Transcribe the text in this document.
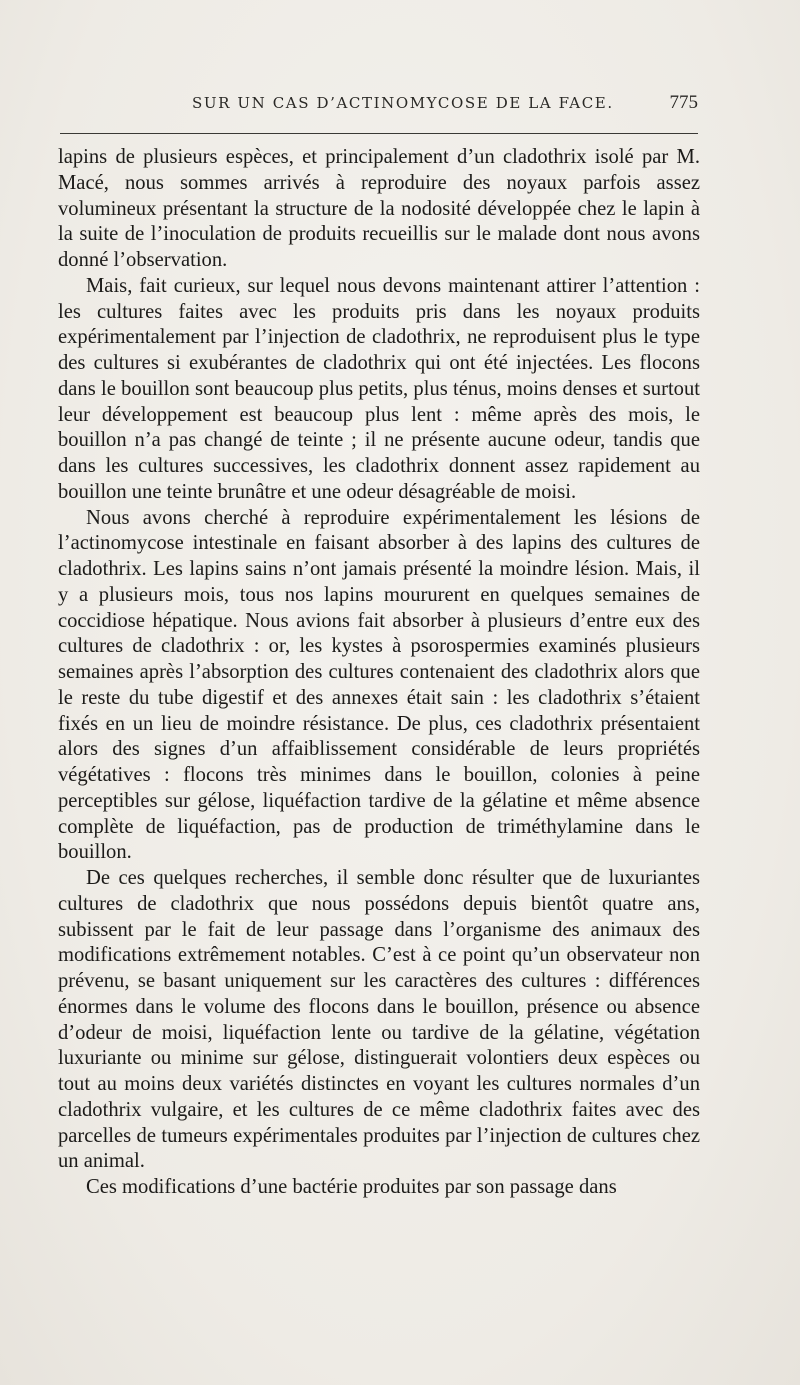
SUR UN CAS D’ACTINOMYCOSE DE LA FACE.	775

lapins de plusieurs espèces, et principalement d’un cladothrix isolé par M. Macé, nous sommes arrivés à reproduire des noyaux parfois assez volumineux présentant la structure de la nodosité développée chez le lapin à la suite de l’inoculation de produits recueillis sur le malade dont nous avons donné l’observation.

Mais, fait curieux, sur lequel nous devons maintenant attirer l’attention : les cultures faites avec les produits pris dans les noyaux produits expérimentalement par l’injection de cladothrix, ne reproduisent plus le type des cultures si exubérantes de cladothrix qui ont été injectées. Les flocons dans le bouillon sont beaucoup plus petits, plus ténus, moins denses et surtout leur développement est beaucoup plus lent : même après des mois, le bouillon n’a pas changé de teinte ; il ne présente aucune odeur, tandis que dans les cultures successives, les cladothrix donnent assez rapidement au bouillon une teinte brunâtre et une odeur désagréable de moisi.

Nous avons cherché à reproduire expérimentalement les lésions de l’actinomycose intestinale en faisant absorber à des lapins des cultures de cladothrix. Les lapins sains n’ont jamais présenté la moindre lésion. Mais, il y a plusieurs mois, tous nos lapins moururent en quelques semaines de coccidiose hépatique. Nous avions fait absorber à plusieurs d’entre eux des cultures de cladothrix : or, les kystes à psorospermies examinés plusieurs semaines après l’absorption des cultures contenaient des cladothrix alors que le reste du tube digestif et des annexes était sain : les cladothrix s’étaient fixés en un lieu de moindre résistance. De plus, ces cladothrix présentaient alors des signes d’un affaiblissement considérable de leurs propriétés végétatives : flocons très minimes dans le bouillon, colonies à peine perceptibles sur gélose, liquéfaction tardive de la gélatine et même absence complète de liquéfaction, pas de production de triméthylamine dans le bouillon.

De ces quelques recherches, il semble donc résulter que de luxuriantes cultures de cladothrix que nous possédons depuis bientôt quatre ans, subissent par le fait de leur passage dans l’organisme des animaux des modifications extrêmement notables. C’est à ce point qu’un observateur non prévenu, se basant uniquement sur les caractères des cultures : différences énormes dans le volume des flocons dans le bouillon, présence ou absence d’odeur de moisi, liquéfaction lente ou tardive de la gélatine, végétation luxuriante ou minime sur gélose, distinguerait volontiers deux espèces ou tout au moins deux variétés distinctes en voyant les cultures normales d’un cladothrix vulgaire, et les cultures de ce même cladothrix faites avec des parcelles de tumeurs expérimentales produites par l’injection de cultures chez un animal.

Ces modifications d’une bactérie produites par son passage dans
